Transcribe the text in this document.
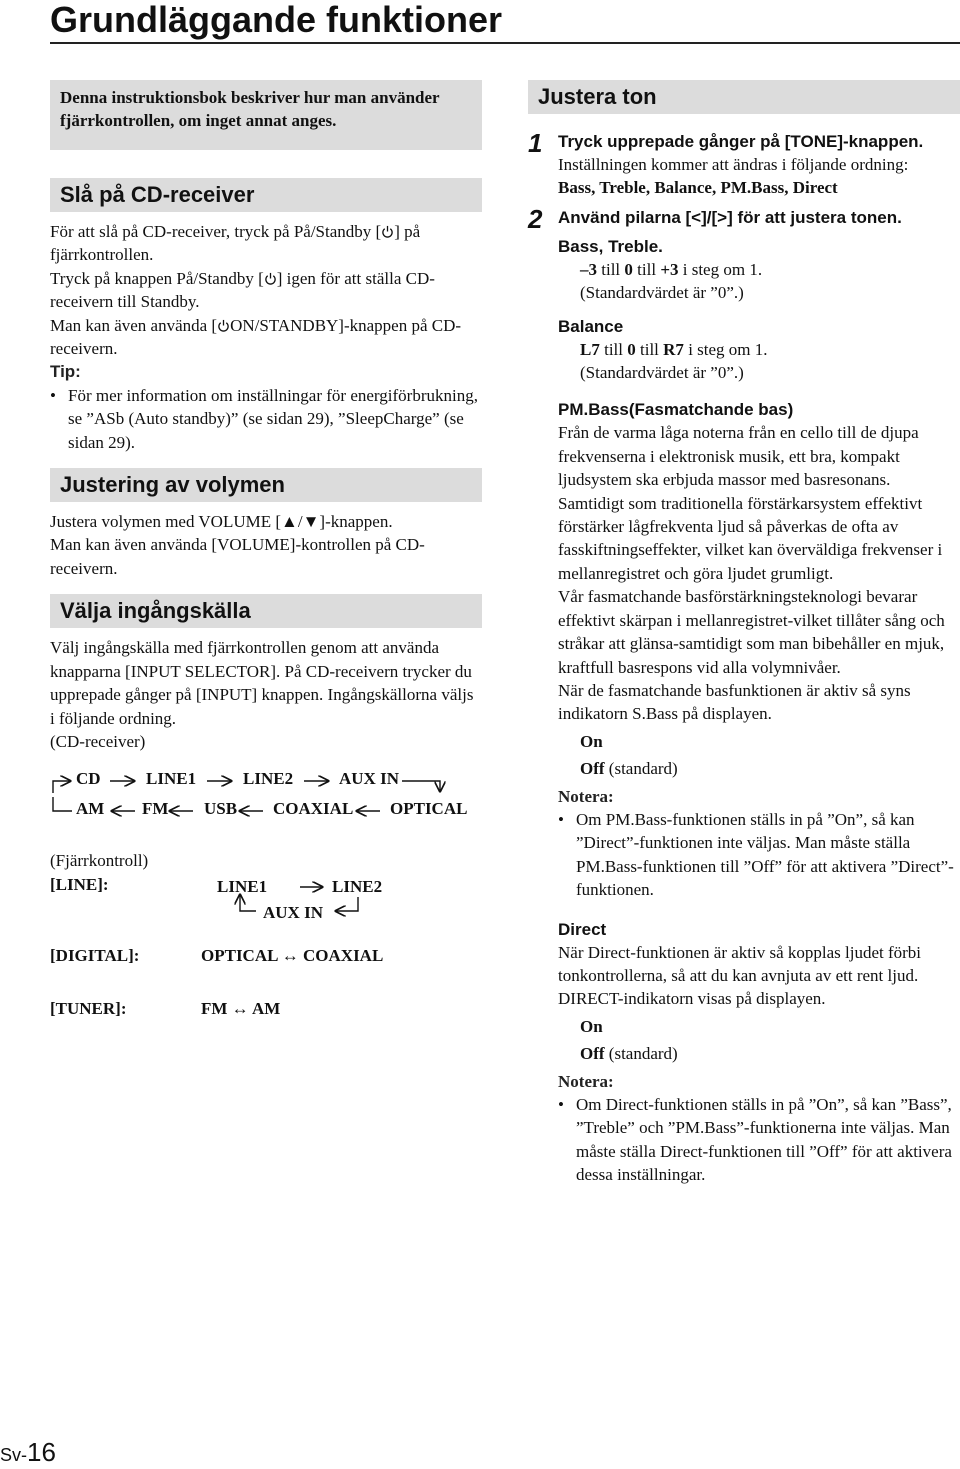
Grundläggande funktioner
Denna instruktionsbok beskriver hur man använder fjärrkontrollen, om inget annat anges.
Slå på CD-receiver

För att slå på CD-receiver, tryck på På/Standby [ ] på fjärrkontrollen.

Tryck på knappen På/Standby [ ] igen för att ställa CD-receivern till Standby.

Man kan även använda [ ON/STANDBY]-knappen på CD-receivern.

Tip:

• För mer information om inställningar för energiförbrukning, se ”ASb (Auto standby)” (se sidan 29), ”SleepCharge” (se sidan 29).

Justering av volymen

Justera volymen med VOLUME [▲/▼]-knappen.

Man kan även använda [VOLUME]-kontrollen på CD-receivern.

Välja ingångskälla

Välj ingångskälla med fjärrkontrollen genom att använda knapparna [INPUT SELECTOR]. På CD-receivern trycker du upprepade gånger på [INPUT] knappen. Ingångskällorna väljs i följande ordning.

(CD-receiver)

CD	LINE1	LINE2	AUX IN
AM FM USB COAXIAL OPTICAL

(Fjärrkontroll)

[LINE]:	LINE1	LINE2
AUX IN
[DIGITAL]:	OPTICAL ↔ COAXIAL
[TUNER]:	FM ↔ AM
Justera ton
1 Tryck upprepade gånger på [TONE]-knappen.

Inställningen kommer att ändras i följande ordning:

Bass, Treble, Balance, PM.Bass, Direct

2 Använd pilarna [<]/[>] för att justera tonen.
Bass, Treble.

–3 till 0 till +3 i steg om 1.

(Standardvärdet är ”0”.)

Balance

L7 till 0 till R7 i steg om 1.

(Standardvärdet är ”0”.)

PM.Bass(Fasmatchande bas)

Från de varma låga noterna från en cello till de djupa frekvenserna i elektronisk musik, ett bra, kompakt ljudsystem ska erbjuda massor med basresonans.

Samtidigt som traditionella förstärkarsystem effektivt förstärker lågfrekventa ljud så påverkas de ofta av fasskiftningseffekter, vilket kan överväldiga frekvenser i mellanregistret och göra ljudet grumligt.

Vår fasmatchande basförstärkningsteknologi bevarar effektivt skärpan i mellanregistret-vilket tillåter sång och stråkar att glänsa-samtidigt som man bibehåller en mjuk, kraftfull basrespons vid alla volymnivåer.

När de fasmatchande basfunktionen är aktiv så syns indikatorn S.Bass på displayen.

On

Off (standard)

Notera:

• Om PM.Bass-funktionen ställs in på ”On”, så kan ”Direct”-funktionen inte väljas. Man måste ställa PM.Bass-funktionen till ”Off” för att aktivera ”Direct”-funktionen.

Direct

När Direct-funktionen är aktiv så kopplas ljudet förbi tonkontrollerna, så att du kan avnjuta av ett rent ljud.

DIRECT-indikatorn visas på displayen.

On

Off (standard)

Notera:

• Om Direct-funktionen ställs in på ”On”, så kan ”Bass”, ”Treble” och ”PM.Bass”-funktionerna inte väljas. Man måste ställa Direct-funktionen till ”Off” för att aktivera dessa inställningar.

Sv-16
